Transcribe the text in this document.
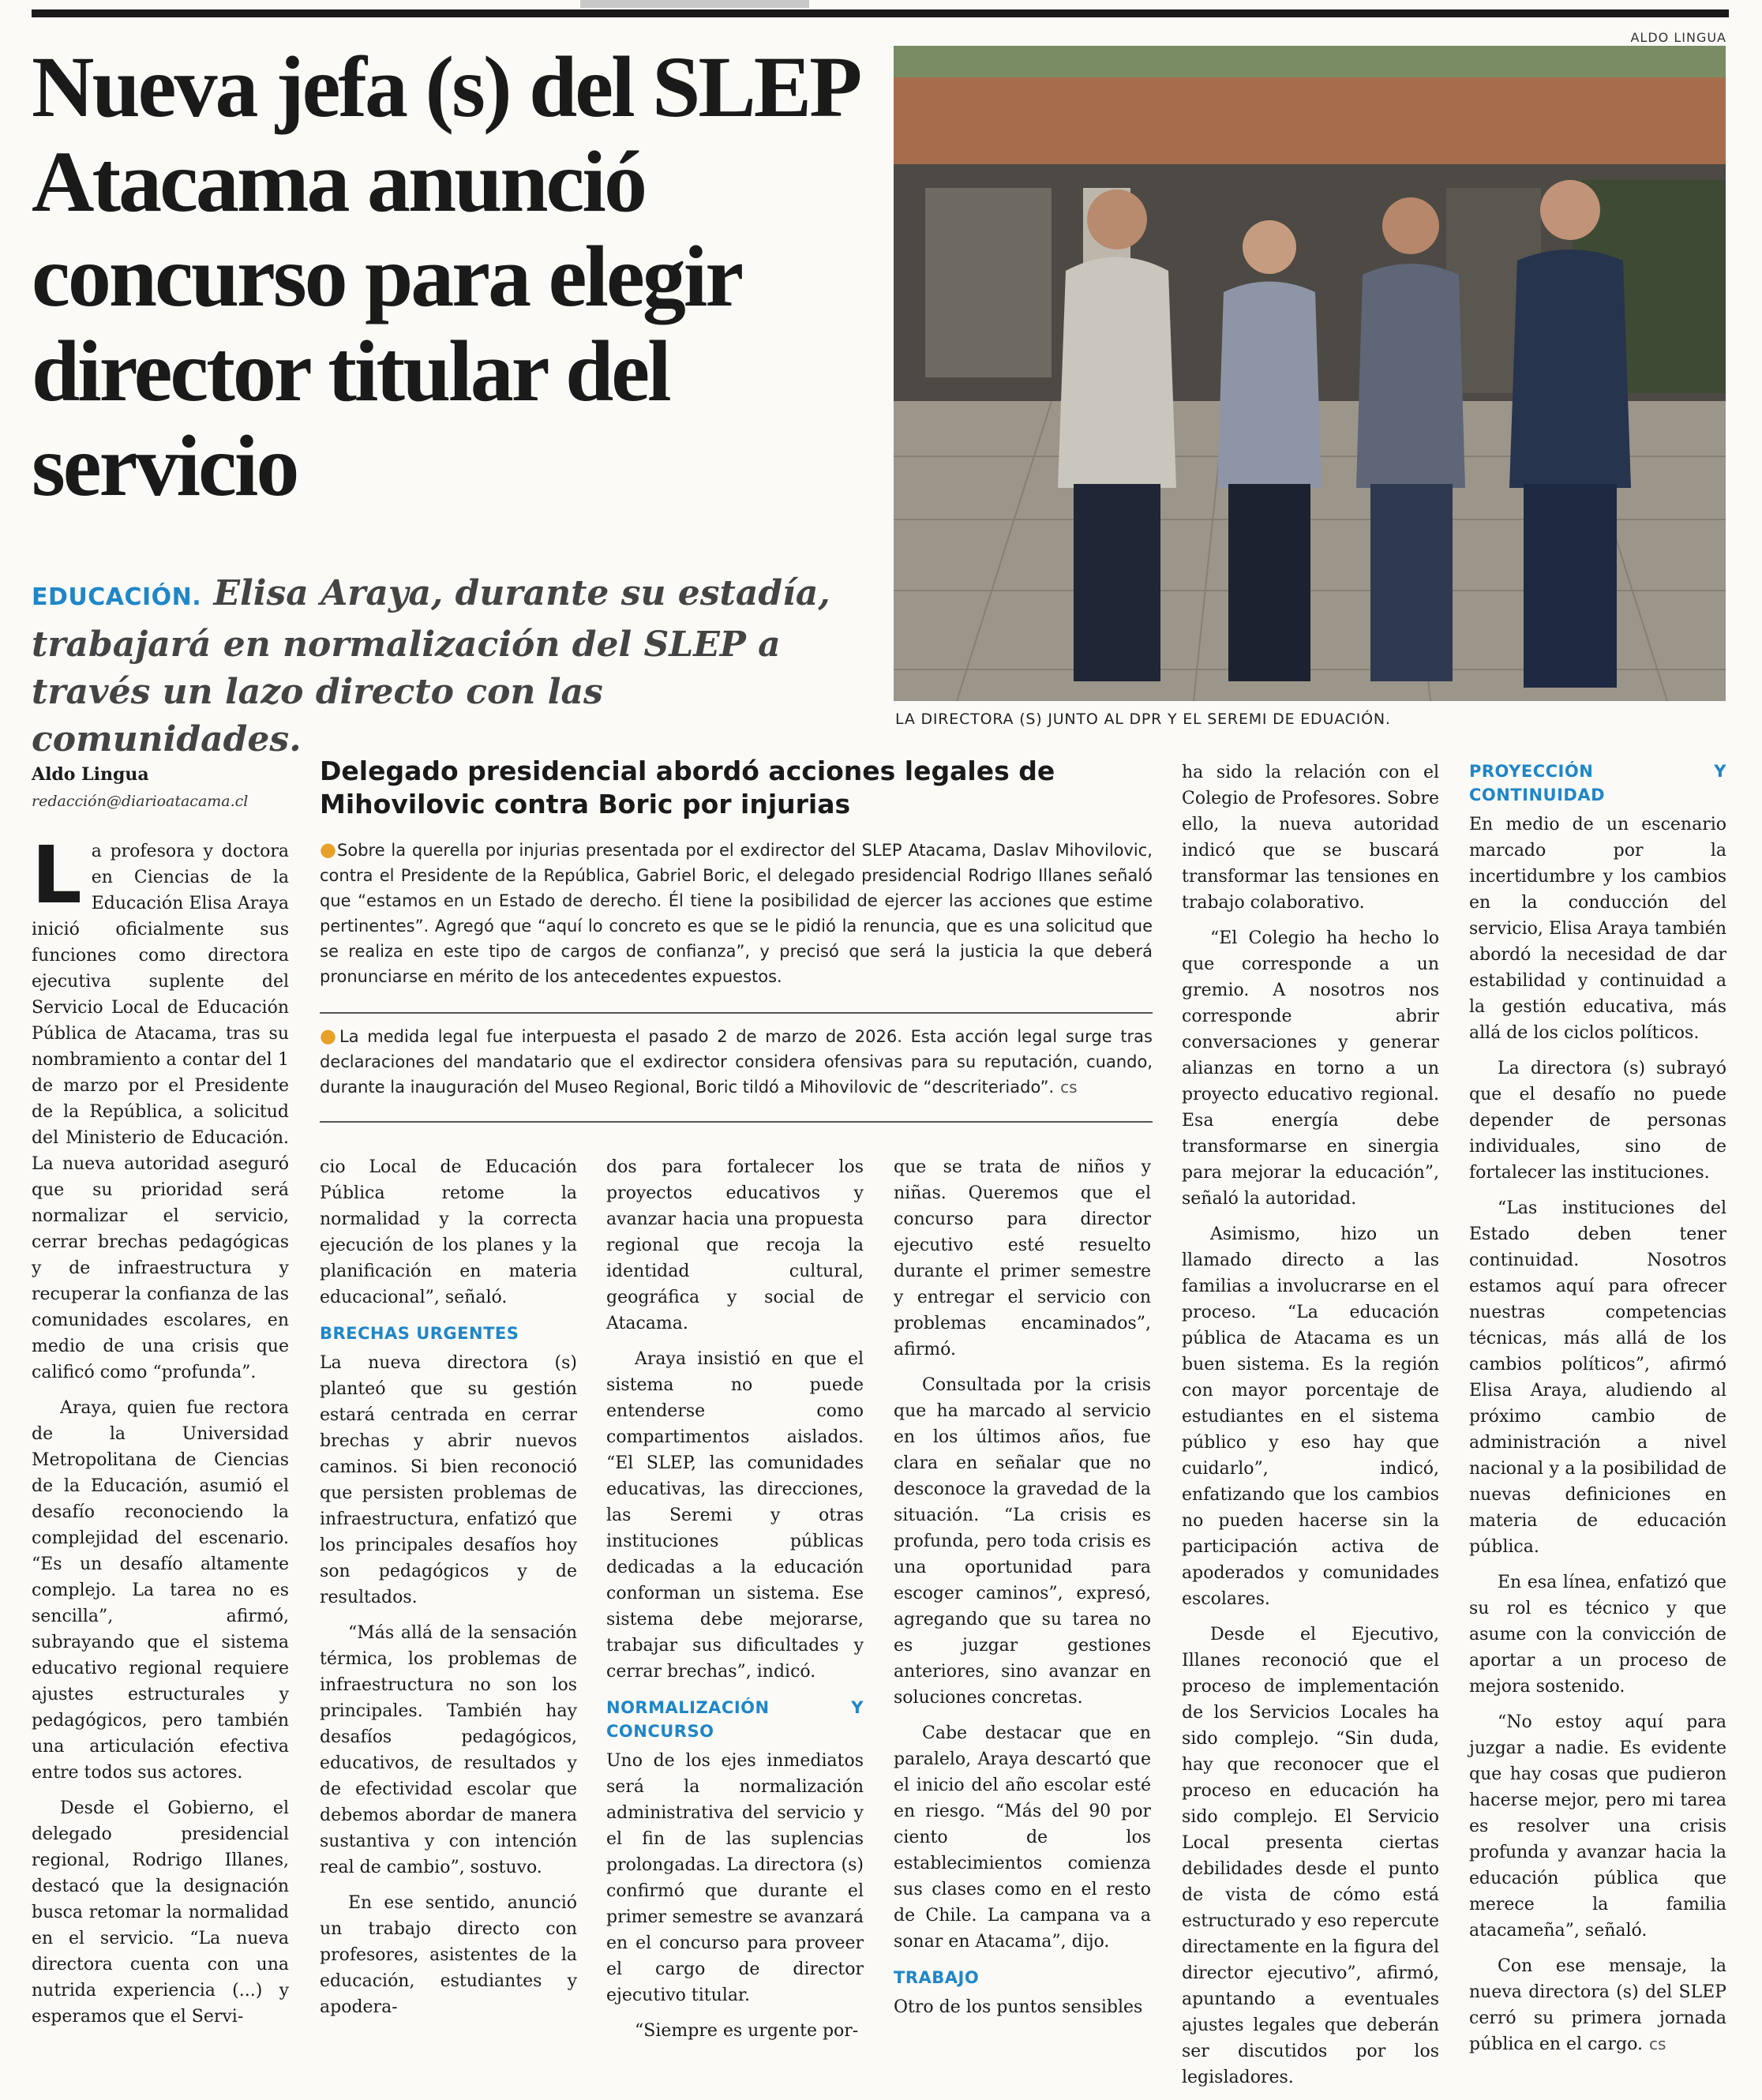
ALDO LINGUA
Nueva jefa (s) del SLEP Atacama anunció concurso para elegir director titular del servicio

EDUCACIÓN. Elisa Araya, durante su estadía, trabajará en normalización del SLEP a través un lazo directo con las comunidades.	LA DIRECTORA (S) JUNTO AL DPR Y EL SEREMI DE EDUACIÓN.
Aldo Lingua
redacción@diarioatacama.cl
Delegado presidencial abordó acciones legales de Mihovilovic contra Boric por injurias

●Sobre la querella por injurias presentada por el exdirector del SLEP Atacama, Daslav Mihovilovic, contra el Presidente de la República, Gabriel Boric, el delegado presidencial Rodrigo Illanes señaló que “estamos en un Estado de derecho. Él tiene la posibilidad de ejercer las acciones que estime pertinentes”. Agregó que “aquí lo concreto es que se le pidió la renuncia, que es una solicitud que se realiza en este tipo de cargos de confianza”, y precisó que será la justicia la que deberá pronunciarse en mérito de los antecedentes expuestos.

●La medida legal fue interpuesta el pasado 2 de marzo de 2026. Esta acción legal surge tras declaraciones del mandatario que el exdirector considera ofensivas para su reputación, cuando, durante la inauguración del Museo Regional, Boric tildó a Mihovilovic de “descriteriado”. cs

La profesora y doctora en Ciencias de la Educación Elisa Araya inició oficialmente sus funciones como directora ejecutiva suplente del Servicio Local de Educación Pública de Atacama, tras su nombramiento a contar del 1 de marzo por el Presidente de la República, a solicitud del Ministerio de Educación. La nueva autoridad aseguró que su prioridad será normalizar el servicio, cerrar brechas pedagógicas y de infraestructura y recuperar la confianza de las comunidades escolares, en medio de una crisis que calificó como “profunda”.

Araya, quien fue rectora de la Universidad Metropolitana de Ciencias de la Educación, asumió el desafío reconociendo la complejidad del escenario. “Es un desafío altamente complejo. La tarea no es sencilla”, afirmó, subrayando que el sistema educativo regional requiere ajustes estructurales y pedagógicos, pero también una articulación efectiva entre todos sus actores.

Desde el Gobierno, el delegado presidencial regional, Rodrigo Illanes, destacó que la designación busca retomar la normalidad en el servicio. “La nueva directora cuenta con una nutrida experiencia (...) y esperamos que el Servi-

cio Local de Educación Pública retome la normalidad y la correcta ejecución de los planes y la planificación en materia educacional”, señaló.

BRECHAS URGENTES

La nueva directora (s) planteó que su gestión estará centrada en cerrar brechas y abrir nuevos caminos. Si bien reconoció que persisten problemas de infraestructura, enfatizó que los principales desafíos hoy son pedagógicos y de resultados.

“Más allá de la sensación térmica, los problemas de infraestructura no son los principales. También hay desafíos pedagógicos, educativos, de resultados y de efectividad escolar que debemos abordar de manera sustantiva y con intención real de cambio”, sostuvo.

En ese sentido, anunció un trabajo directo con profesores, asistentes de la educación, estudiantes y apodera-

dos para fortalecer los proyectos educativos y avanzar hacia una propuesta regional que recoja la identidad cultural, geográfica y social de Atacama.

Araya insistió en que el sistema no puede entenderse como compartimentos aislados. “El SLEP, las comunidades educativas, las direcciones, las Seremi y otras instituciones públicas dedicadas a la educación conforman un sistema. Ese sistema debe mejorarse, trabajar sus dificultades y cerrar brechas”, indicó.

NORMALIZACIÓN Y CONCURSO

Uno de los ejes inmediatos será la normalización administrativa del servicio y el fin de las suplencias prolongadas. La directora (s) confirmó que durante el primer semestre se avanzará en el concurso para proveer el cargo de director ejecutivo titular.

“Siempre es urgente por-

que se trata de niños y niñas. Queremos que el concurso para director ejecutivo esté resuelto durante el primer semestre y entregar el servicio con problemas encaminados”, afirmó.

Consultada por la crisis que ha marcado al servicio en los últimos años, fue clara en señalar que no desconoce la gravedad de la situación. “La crisis es profunda, pero toda crisis es una oportunidad para escoger caminos”, expresó, agregando que su tarea no es juzgar gestiones anteriores, sino avanzar en soluciones concretas.

Cabe destacar que en paralelo, Araya descartó que el inicio del año escolar esté en riesgo. “Más del 90 por ciento de los establecimientos comienza sus clases como en el resto de Chile. La campana va a sonar en Atacama”, dijo.

TRABAJO

Otro de los puntos sensibles

ha sido la relación con el Colegio de Profesores. Sobre ello, la nueva autoridad indicó que se buscará transformar las tensiones en trabajo colaborativo.

“El Colegio ha hecho lo que corresponde a un gremio. A nosotros nos corresponde abrir conversaciones y generar alianzas en torno a un proyecto educativo regional. Esa energía debe transformarse en sinergia para mejorar la educación”, señaló la autoridad.

Asimismo, hizo un llamado directo a las familias a involucrarse en el proceso. “La educación pública de Atacama es un buen sistema. Es la región con mayor porcentaje de estudiantes en el sistema público y eso hay que cuidarlo”, indicó, enfatizando que los cambios no pueden hacerse sin la participación activa de apoderados y comunidades escolares.

Desde el Ejecutivo, Illanes reconoció que el proceso de implementación de los Servicios Locales ha sido complejo. “Sin duda, hay que reconocer que el proceso en educación ha sido complejo. El Servicio Local presenta ciertas debilidades desde el punto de vista de cómo está estructurado y eso repercute directamente en la figura del director ejecutivo”, afirmó, apuntando a eventuales ajustes legales que deberán ser discutidos por los legisladores.

PROYECCIÓN Y CONTINUIDAD

En medio de un escenario marcado por la incertidumbre y los cambios en la conducción del servicio, Elisa Araya también abordó la necesidad de dar estabilidad y continuidad a la gestión educativa, más allá de los ciclos políticos.

La directora (s) subrayó que el desafío no puede depender de personas individuales, sino de fortalecer las instituciones.

“Las instituciones del Estado deben tener continuidad. Nosotros estamos aquí para ofrecer nuestras competencias técnicas, más allá de los cambios políticos”, afirmó Elisa Araya, aludiendo al próximo cambio de administración a nivel nacional y a la posibilidad de nuevas definiciones en materia de educación pública.

En esa línea, enfatizó que su rol es técnico y que asume con la convicción de aportar a un proceso de mejora sostenido.

“No estoy aquí para juzgar a nadie. Es evidente que hay cosas que pudieron hacerse mejor, pero mi tarea es resolver una crisis profunda y avanzar hacia la educación pública que merece la familia atacameña”, señaló.

Con ese mensaje, la nueva directora (s) del SLEP cerró su primera jornada pública en el cargo. cs
